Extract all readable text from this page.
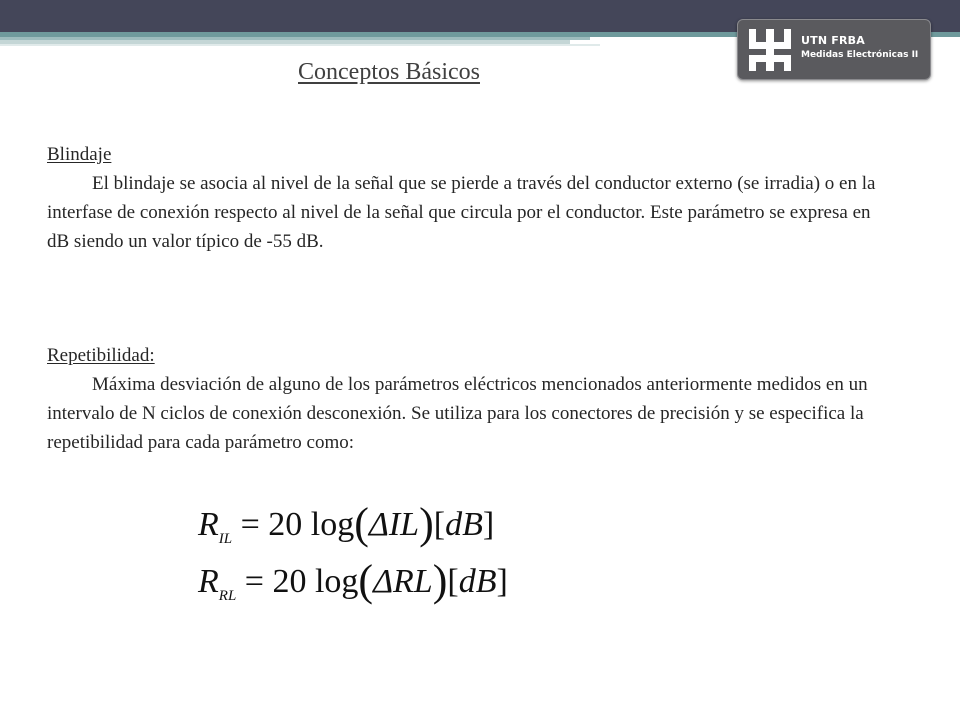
UTN FRBA
Medidas Electrónicas II
Conceptos Básicos
Blindaje

El blindaje se asocia al nivel de la señal que se pierde a través del conductor externo (se irradia) o en la interfase de conexión respecto al nivel de la señal que circula por el conductor. Este parámetro se expresa en dB siendo un valor típico de -55 dB.

Repetibilidad:

Máxima desviación de alguno de los parámetros eléctricos mencionados anteriormente medidos en un intervalo de N ciclos de conexión desconexión. Se utiliza para los conectores de precisión y se especifica la repetibilidad para cada parámetro como:

$R_{IL} = 20$ log(ΔIL)[dB]
$R_{RL} = 20$ log(ΔRL)[dB]
